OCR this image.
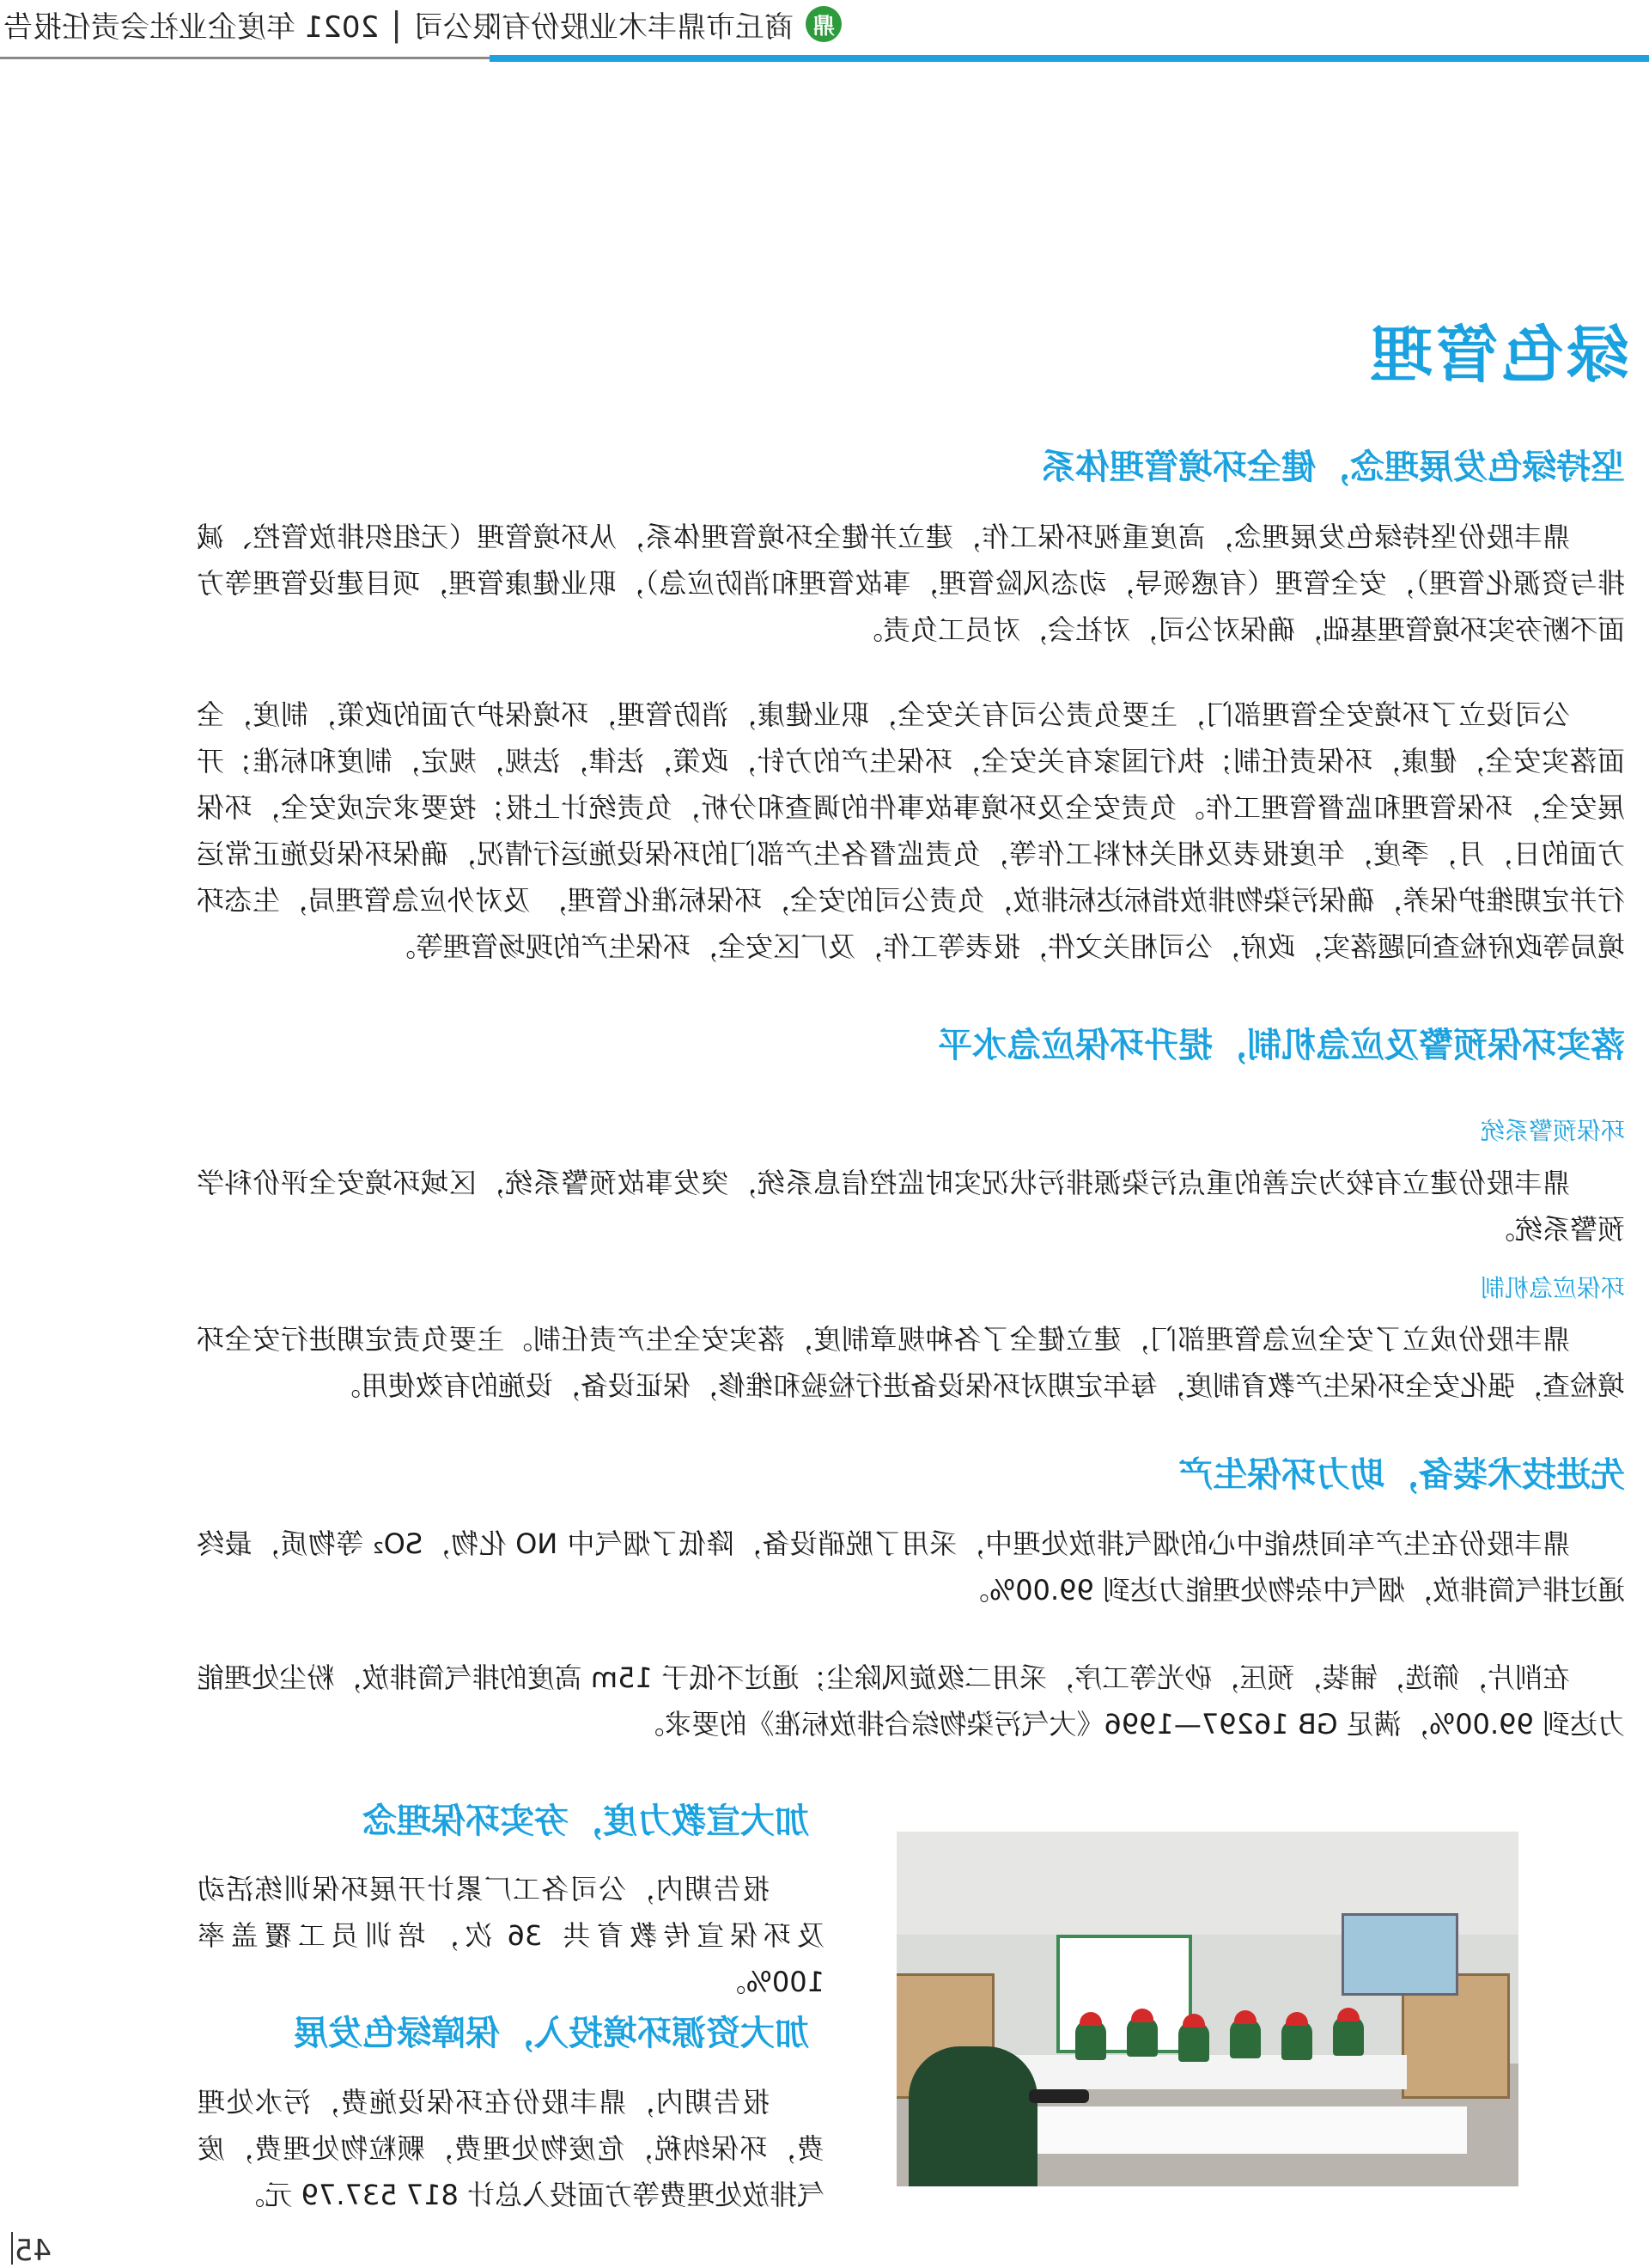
鼎
商丘市鼎丰木业股份有限公司
|
2021 年度企业社会责任报告
绿色管理
坚持绿色发展理念，健全环境管理体系
鼎丰股份坚持绿色发展理念，高度重视环保工作，建立并健全环境管理体系，从环境管理（无组织排放管控、减排与资源化管理），安全管理（有感领导，动态风险管理，事故管理和消防应急），职业健康管理，项目建设管理等方面不断夯实环境管理基础，确保对公司，对社会，对员工负责。
公司设立了环境安全管理部门，主要负责公司有关安全，职业健康，消防管理，环境保护方面的政策，制度，全面落实安全，健康，环保责任制；执行国家有关安全，环保生产的方针，政策，法律，法规，规定，制度和标准；开展安全，环保管理和监督管理工作。负责安全及环境事故事件的调查和分析，负责统计上报；按要求完成安全，环保方面的日，月，季度，年度报表及相关材料工作等，负责监督各生产部门的环保设施运行情况，确保环保设施正常运行并定期维护保养，确保污染物排放指标达标排放，负责公司的安全，环保标准化管理， 及对外应急管理局，生态环境局等政府检查问题落实，政府，公司相关文件，报表等工作，及厂区安全，环保生产的现场管理等。
落实环保预警及应急机制，提升环保应急水平
环保预警系统
鼎丰股份建立有较为完善的重点污染源排污状况实时监控信息系统，突发事故预警系统，区域环境安全评价科学预警系统。
环保应急机制
鼎丰股份成立了安全应急管理部门，建立健全了各种规章制度，落实安全生产责任制。主要负责定期进行安全环境检查，强化安全环保生产教育制度，每年定期对环保设备进行检验和维修，保证设备，设施的有效使用。
先进技术装备，助力环保生产
鼎丰股份在生产车间热能中心的烟气排放处理中，采用了脱硝设备，降低了烟气中 NO 化物，SO₂ 等物质，最终通过排气筒排放，烟气中杂物处理能力达到 99.00%。
在削片，筛选，铺装，预压，砂光等工序，采用二级旋风除尘；通过不低于 15m 高度的排气筒排放，粉尘处理能力达到 99.00%，满足 GB 16297—1996《大气污染物综合排放标准》的要求。
加大宣教力度，夯实环保理念
报告期内，公司各工厂累计开展环保训练活动及环保宣传教育共 36 次，培训员工覆盖率 100%。
加大资源环境投入，保障绿色发展
报告期内，鼎丰股份在环保设施费，污水处理费，环保纳税，危废物处理费，颗粒物处理费，废气排放处理费等方面投入总计 817 537.79 元。
45
